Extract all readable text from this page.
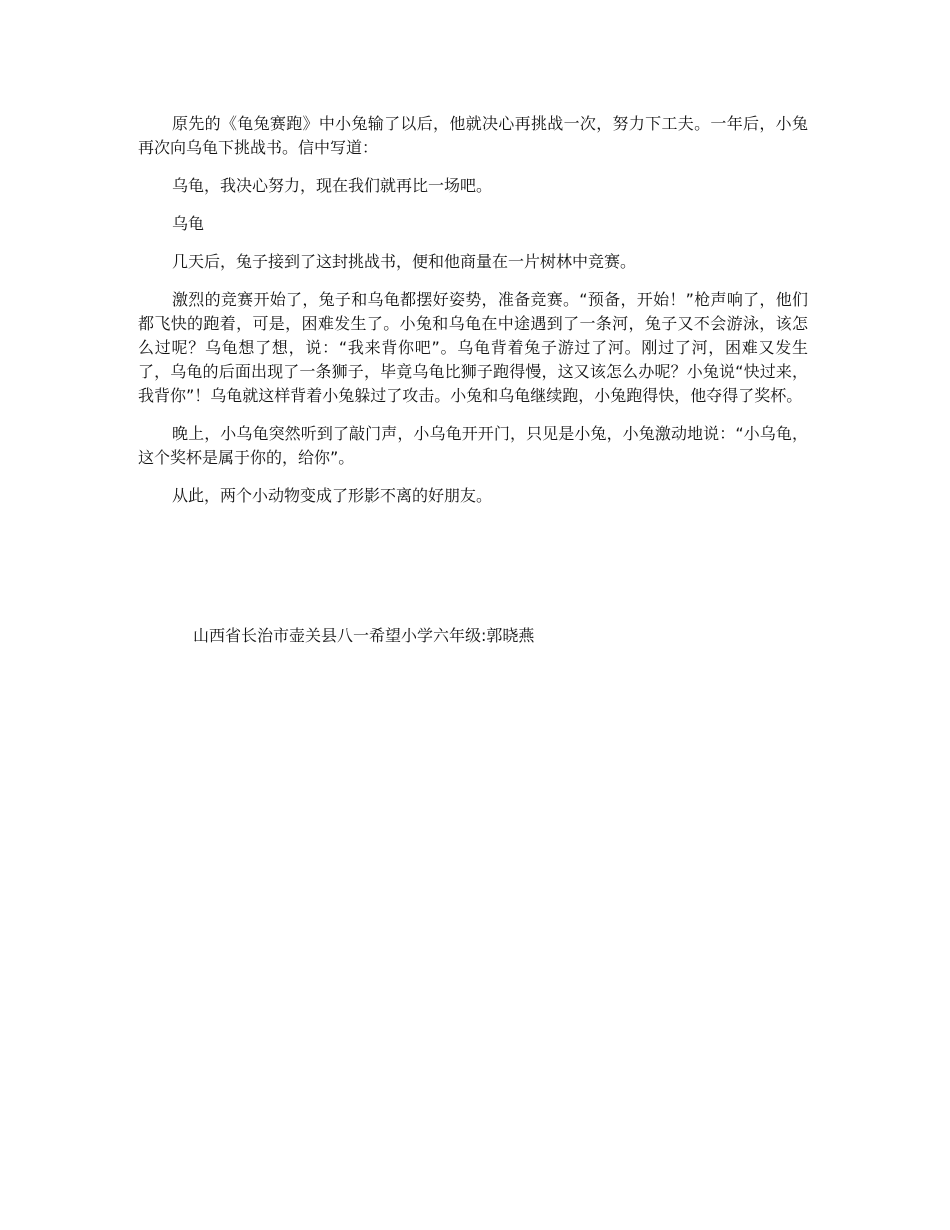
原先的《龟兔赛跑》中小兔输了以后，他就决心再挑战一次，努力下工夫。一年后，小兔再次向乌龟下挑战书。信中写道：

乌龟，我决心努力，现在我们就再比一场吧。

乌龟

几天后，兔子接到了这封挑战书，便和他商量在一片树林中竞赛。

激烈的竞赛开始了，兔子和乌龟都摆好姿势，准备竞赛。“预备，开始！”枪声响了，他们都飞快的跑着，可是，困难发生了。小兔和乌龟在中途遇到了一条河，兔子又不会游泳，该怎么过呢？乌龟想了想，说：“我来背你吧”。乌龟背着兔子游过了河。刚过了河，困难又发生了，乌龟的后面出现了一条狮子，毕竟乌龟比狮子跑得慢，这又该怎么办呢？小兔说“快过来，我背你”！乌龟就这样背着小兔躲过了攻击。小兔和乌龟继续跑，小兔跑得快，他夺得了奖杯。

晚上，小乌龟突然听到了敲门声，小乌龟开开门，只见是小兔，小兔激动地说：“小乌龟，这个奖杯是属于你的，给你”。

从此，两个小动物变成了形影不离的好朋友。

山西省长治市壶关县八一希望小学六年级:郭晓燕
